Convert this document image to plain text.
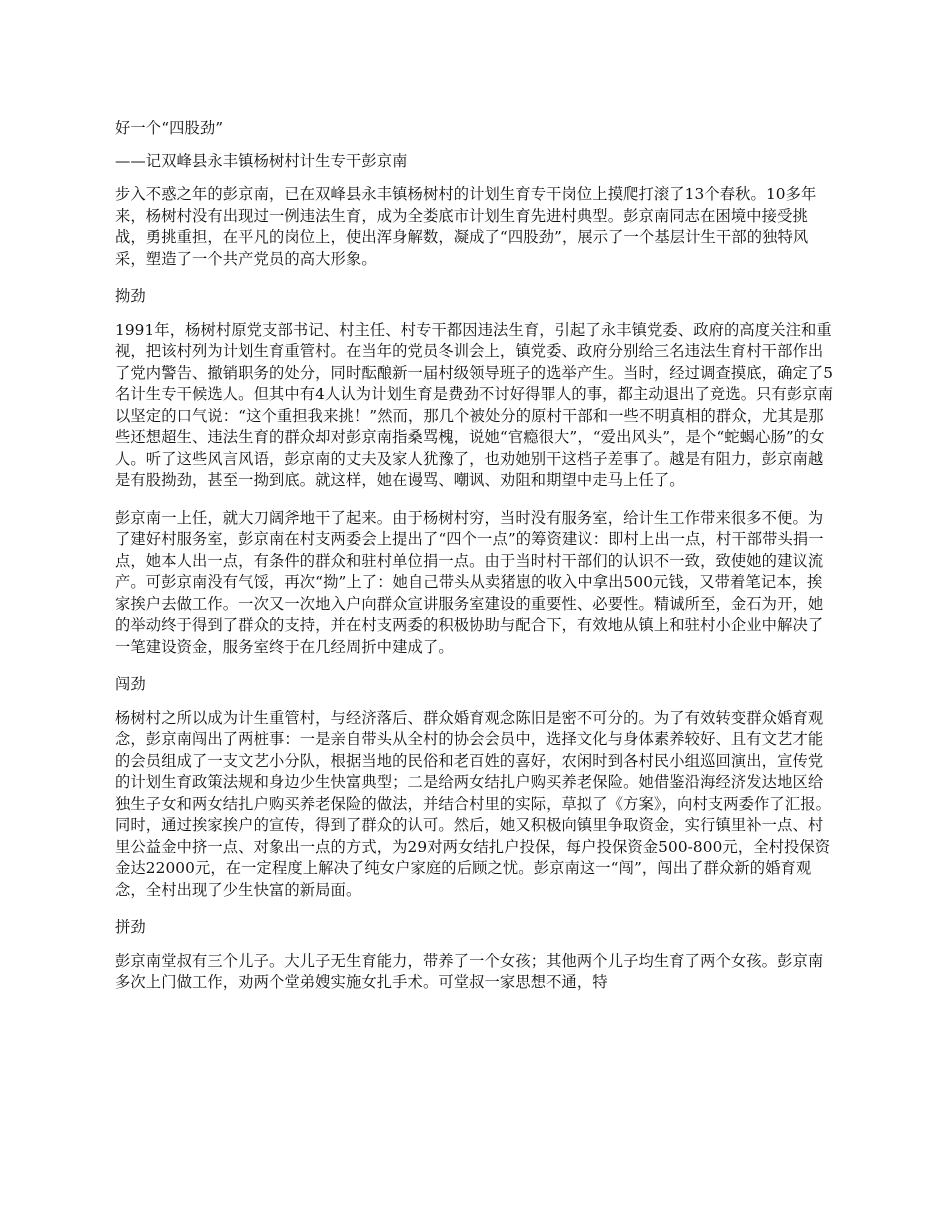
好一个“四股劲”

——记双峰县永丰镇杨树村计生专干彭京南

步入不惑之年的彭京南，已在双峰县永丰镇杨树村的计划生育专干岗位上摸爬打滚了13个春秋。10多年来，杨树村没有出现过一例违法生育，成为全娄底市计划生育先进村典型。彭京南同志在困境中接受挑战，勇挑重担，在平凡的岗位上，使出浑身解数，凝成了“四股劲”，展示了一个基层计生干部的独特风采，塑造了一个共产党员的高大形象。

拗劲

1991年，杨树村原党支部书记、村主任、村专干都因违法生育，引起了永丰镇党委、政府的高度关注和重视，把该村列为计划生育重管村。在当年的党员冬训会上，镇党委、政府分别给三名违法生育村干部作出了党内警告、撤销职务的处分，同时酝酿新一届村级领导班子的选举产生。当时，经过调查摸底，确定了5名计生专干候选人。但其中有4人认为计划生育是费劲不讨好得罪人的事，都主动退出了竞选。只有彭京南以坚定的口气说：“这个重担我来挑！”然而，那几个被处分的原村干部和一些不明真相的群众，尤其是那些还想超生、违法生育的群众却对彭京南指桑骂槐，说她“官瘾很大”，“爱出风头”，是个“蛇蝎心肠”的女人。听了这些风言风语，彭京南的丈夫及家人犹豫了，也劝她别干这档子差事了。越是有阻力，彭京南越是有股拗劲，甚至一拗到底。就这样，她在谩骂、嘲讽、劝阻和期望中走马上任了。

彭京南一上任，就大刀阔斧地干了起来。由于杨树村穷，当时没有服务室，给计生工作带来很多不便。为了建好村服务室，彭京南在村支两委会上提出了“四个一点”的筹资建议：即村上出一点，村干部带头捐一点，她本人出一点，有条件的群众和驻村单位捐一点。由于当时村干部们的认识不一致，致使她的建议流产。可彭京南没有气馁，再次“拗”上了：她自己带头从卖猪崽的收入中拿出500元钱，又带着笔记本，挨家挨户去做工作。一次又一次地入户向群众宣讲服务室建设的重要性、必要性。精诚所至，金石为开，她的举动终于得到了群众的支持，并在村支两委的积极协助与配合下，有效地从镇上和驻村小企业中解决了一笔建设资金，服务室终于在几经周折中建成了。

闯劲

杨树村之所以成为计生重管村，与经济落后、群众婚育观念陈旧是密不可分的。为了有效转变群众婚育观念，彭京南闯出了两桩事：一是亲自带头从全村的协会会员中，选择文化与身体素养较好、且有文艺才能的会员组成了一支文艺小分队，根据当地的民俗和老百姓的喜好，农闲时到各村民小组巡回演出，宣传党的计划生育政策法规和身边少生快富典型；二是给两女结扎户购买养老保险。她借鉴沿海经济发达地区给独生子女和两女结扎户购买养老保险的做法，并结合村里的实际，草拟了《方案》，向村支两委作了汇报。同时，通过挨家挨户的宣传，得到了群众的认可。然后，她又积极向镇里争取资金，实行镇里补一点、村里公益金中挤一点、对象出一点的方式，为29对两女结扎户投保，每户投保资金500-800元，全村投保资金达22000元，在一定程度上解决了纯女户家庭的后顾之忧。彭京南这一“闯”，闯出了群众新的婚育观念，全村出现了少生快富的新局面。

拼劲

彭京南堂叔有三个儿子。大儿子无生育能力，带养了一个女孩；其他两个儿子均生育了两个女孩。彭京南多次上门做工作，劝两个堂弟嫂实施女扎手术。可堂叔一家思想不通，特
